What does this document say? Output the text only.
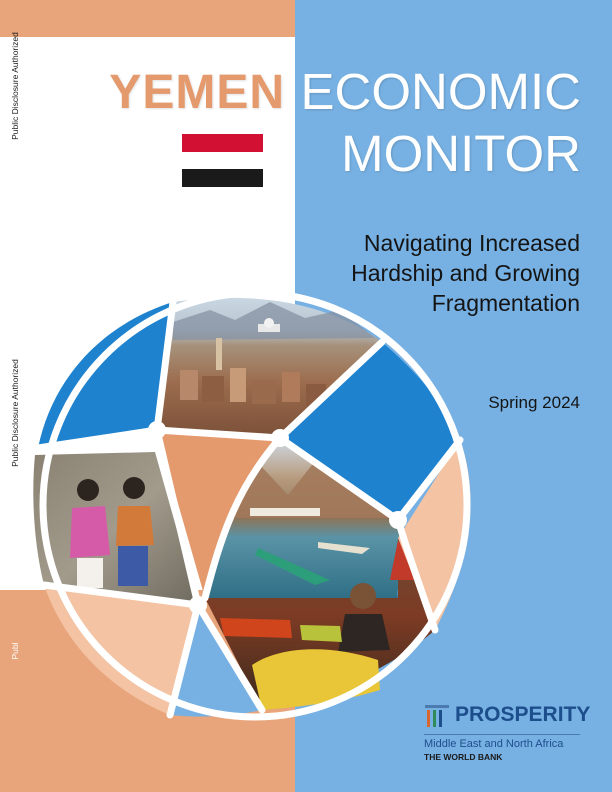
Public Disclosure Authorized
Public Disclosure Authorized
Publ
YEMEN ECONOMIC
MONITOR
Navigating Increased
Hardship and Growing
Fragmentation
Spring 2024
PROSPERITY
Middle East and North Africa
THE WORLD BANK
